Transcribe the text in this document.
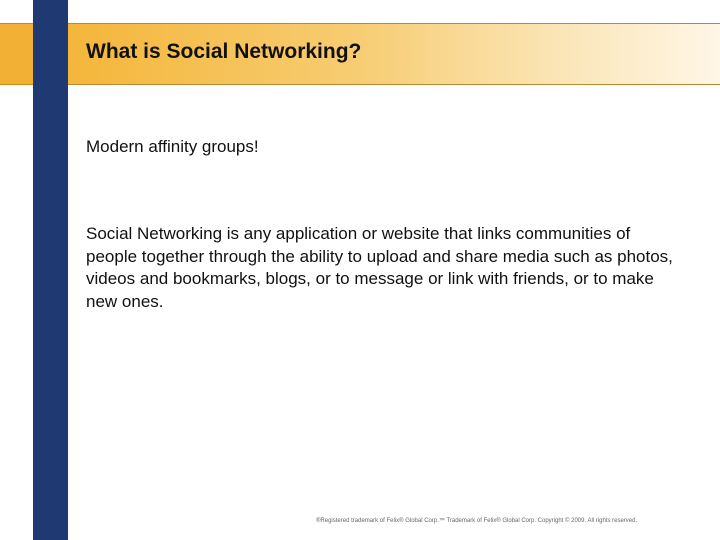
What is Social Networking?

Modern affinity groups!

Social Networking is any application or website that links communities of people together through the ability to upload and share media such as photos, videos and bookmarks, blogs, or to message or link with friends, or to make new ones.

®Registered trademark of Felix® Global Corp.™ Trademark of Felix® Global Corp. Copyright © 2009. All rights reserved.
